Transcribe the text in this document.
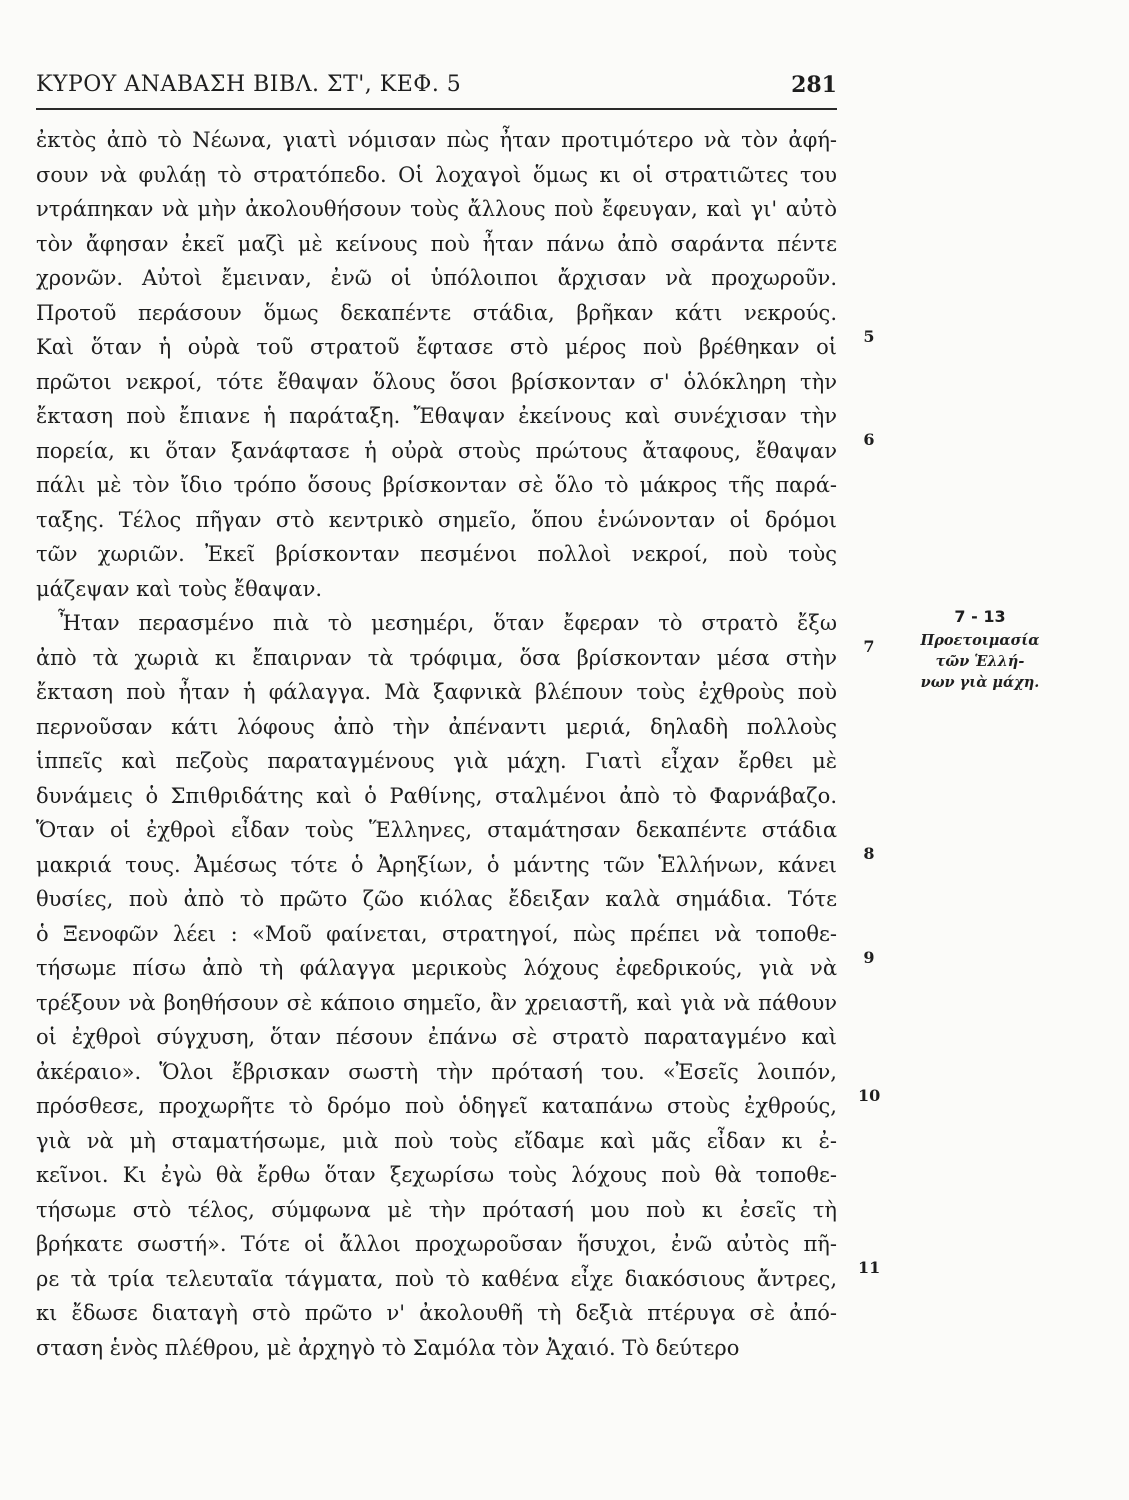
ΚΥΡΟΥ ΑΝΑΒΑΣΗ ΒΙΒΛ. ΣΤ', ΚΕΦ. 5	281
ἐκτὸς ἀπὸ τὸ Νέωνα, γιατὶ νόμισαν πὼς ἦταν προτιμότερο νὰ τὸν ἀφή-
σουν νὰ φυλάῃ τὸ στρατόπεδο. Οἱ λοχαγοὶ ὅμως κι οἱ στρατιῶτες του
ντράπηκαν νὰ μὴν ἀκολουθήσουν τοὺς ἄλλους ποὺ ἔφευγαν, καὶ γι' αὐτὸ
τὸν ἄφησαν ἐκεῖ μαζὶ μὲ κείνους ποὺ ἦταν πάνω ἀπὸ σαράντα πέντε
χρονῶν. Αὐτοὶ ἔμειναν, ἐνῶ οἱ ὑπόλοιποι ἄρχισαν νὰ προχωροῦν.
Προτοῦ περάσουν ὅμως δεκαπέντε στάδια, βρῆκαν κάτι νεκρούς.
Καὶ ὅταν ἡ οὐρὰ τοῦ στρατοῦ ἔφτασε στὸ μέρος ποὺ βρέθηκαν οἱ
πρῶτοι νεκροί, τότε ἔθαψαν ὅλους ὅσοι βρίσκονταν σ' ὁλόκληρη τὴν
ἔκταση ποὺ ἔπιανε ἡ παράταξη. Ἔθαψαν ἐκείνους καὶ συνέχισαν τὴν
πορεία, κι ὅταν ξανάφτασε ἡ οὐρὰ στοὺς πρώτους ἄταφους, ἔθαψαν
πάλι μὲ τὸν ἴδιο τρόπο ὅσους βρίσκονταν σὲ ὅλο τὸ μάκρος τῆς παρά-
ταξης. Τέλος πῆγαν στὸ κεντρικὸ σημεῖο, ὅπου ἑνώνονταν οἱ δρόμοι
τῶν χωριῶν. Ἐκεῖ βρίσκονταν πεσμένοι πολλοὶ νεκροί, ποὺ τοὺς
μάζεψαν καὶ τοὺς ἔθαψαν.
Ἦταν περασμένο πιὰ τὸ μεσημέρι, ὅταν ἔφεραν τὸ στρατὸ ἔξω
ἀπὸ τὰ χωριὰ κι ἔπαιρναν τὰ τρόφιμα, ὅσα βρίσκονταν μέσα στὴν
ἔκταση ποὺ ἦταν ἡ φάλαγγα. Μὰ ξαφνικὰ βλέπουν τοὺς ἐχθροὺς ποὺ
περνοῦσαν κάτι λόφους ἀπὸ τὴν ἀπέναντι μεριά, δηλαδὴ πολλοὺς
ἱππεῖς καὶ πεζοὺς παραταγμένους γιὰ μάχη. Γιατὶ εἶχαν ἔρθει μὲ
δυνάμεις ὁ Σπιθριδάτης καὶ ὁ Ραθίνης, σταλμένοι ἀπὸ τὸ Φαρνάβαζο.
Ὅταν οἱ ἐχθροὶ εἶδαν τοὺς Ἕλληνες, σταμάτησαν δεκαπέντε στάδια
μακριά τους. Ἀμέσως τότε ὁ Ἀρηξίων, ὁ μάντης τῶν Ἑλλήνων, κάνει
θυσίες, ποὺ ἀπὸ τὸ πρῶτο ζῶο κιόλας ἔδειξαν καλὰ σημάδια. Τότε
ὁ Ξενοφῶν λέει : «Μοῦ φαίνεται, στρατηγοί, πὼς πρέπει νὰ τοποθε-
τήσωμε πίσω ἀπὸ τὴ φάλαγγα μερικοὺς λόχους ἐφεδρικούς, γιὰ νὰ
τρέξουν νὰ βοηθήσουν σὲ κάποιο σημεῖο, ἂν χρειαστῆ, καὶ γιὰ νὰ πάθουν
οἱ ἐχθροὶ σύγχυση, ὅταν πέσουν ἐπάνω σὲ στρατὸ παραταγμένο καὶ
ἀκέραιο». Ὅλοι ἔβρισκαν σωστὴ τὴν πρότασή του. «Ἐσεῖς λοιπόν,
πρόσθεσε, προχωρῆτε τὸ δρόμο ποὺ ὁδηγεῖ καταπάνω στοὺς ἐχθρούς,
γιὰ νὰ μὴ σταματήσωμε, μιὰ ποὺ τοὺς εἴδαμε καὶ μᾶς εἶδαν κι ἐ-
κεῖνοι. Κι ἐγὼ θὰ ἔρθω ὅταν ξεχωρίσω τοὺς λόχους ποὺ θὰ τοποθε-
τήσωμε στὸ τέλος, σύμφωνα μὲ τὴν πρότασή μου ποὺ κι ἐσεῖς τὴ
βρήκατε σωστή». Τότε οἱ ἄλλοι προχωροῦσαν ἥσυχοι, ἐνῶ αὐτὸς πῆ-
ρε τὰ τρία τελευταῖα τάγματα, ποὺ τὸ καθένα εἶχε διακόσιους ἄντρες,
κι ἔδωσε διαταγὴ στὸ πρῶτο ν' ἀκολουθῆ τὴ δεξιὰ πτέρυγα σὲ ἀπό-
σταση ἑνὸς πλέθρου, μὲ ἀρχηγὸ τὸ Σαμόλα τὸν Ἀχαιό. Τὸ δεύτερο
5
6
7
8
9
10
11
7 - 13
Προετοιμασία
τῶν Ἑλλή-
νων γιὰ μάχη.
